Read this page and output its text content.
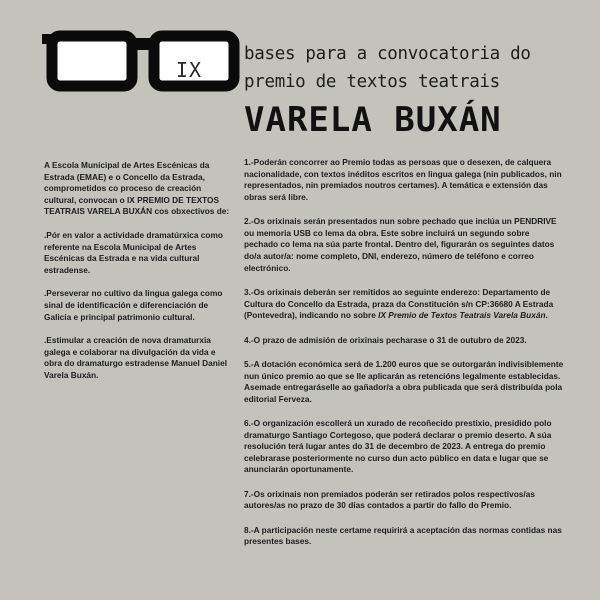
IX
bases para a convocatoria do
premio de textos teatrais
VARELA BUXÁN

A Escola Municipal de Artes Escénicas da Estrada (EMAE) e o Concello da Estrada, comprometidos co proceso de creación cultural, convocan o IX PREMIO DE TEXTOS TEATRAIS VARELA BUXÁN cos obxectivos de:

.Pór en valor a actividade dramatúrxica como referente na Escola Municipal de Artes Escénicas da Estrada e na vida cultural estradense.

.Perseverar no cultivo da lingua galega como sinal de identificación e diferenciación de Galicia e principal patrimonio cultural.

.Estimular a creación de nova dramaturxia galega e colaborar na divulgación da vida e obra do dramaturgo estradense Manuel Daniel Varela Buxán.

1.-Poderán concorrer ao Premio todas as persoas que o desexen, de calquera nacionalidade, con textos inéditos escritos en lingua galega (nin publicados, nin representados, nin premiados noutros certames). A temática e extensión das obras será libre.

2.-Os orixinais serán presentados nun sobre pechado que inclúa un PENDRIVE ou memoria USB co lema da obra. Este sobre incluirá un segundo sobre pechado co lema na súa parte frontal. Dentro del, figurarán os seguintes datos do/a autor/a: nome completo, DNI, enderezo, número de teléfono e correo electrónico.

3.-Os orixinais deberán ser remitidos ao seguinte enderezo: Departamento de Cultura do Concello da Estrada, praza da Constitución s/n CP:36680 A Estrada (Pontevedra), indicando no sobre IX Premio de Textos Teatrais Varela Buxán.

4.-O prazo de admisión de orixinais pecharase o 31 de outubro de 2023.

5.-A dotación económica será de 1.200 euros que se outorgarán indivisiblemente nun único premio ao que se lle aplicarán as retencións legalmente establecidas. Asemade entregaráselle ao gañador/a a obra publicada que será distribuída pola editorial Ferveza.

6.-O organización escollerá un xurado de recoñecido prestixio, presidido polo dramaturgo Santiago Cortegoso, que poderá declarar o premio deserto. A súa resolución terá lugar antes do 31 de decembro de 2023. A entrega do premio celebrarase posteriormente no curso dun acto público en data e lugar que se anunciarán oportunamente.

7.-Os orixinais non premiados poderán ser retirados polos respectivos/as autores/as no prazo de 30 días contados a partir do fallo do Premio.

8.-A participación neste certame requirirá a aceptación das normas contidas nas presentes bases.
